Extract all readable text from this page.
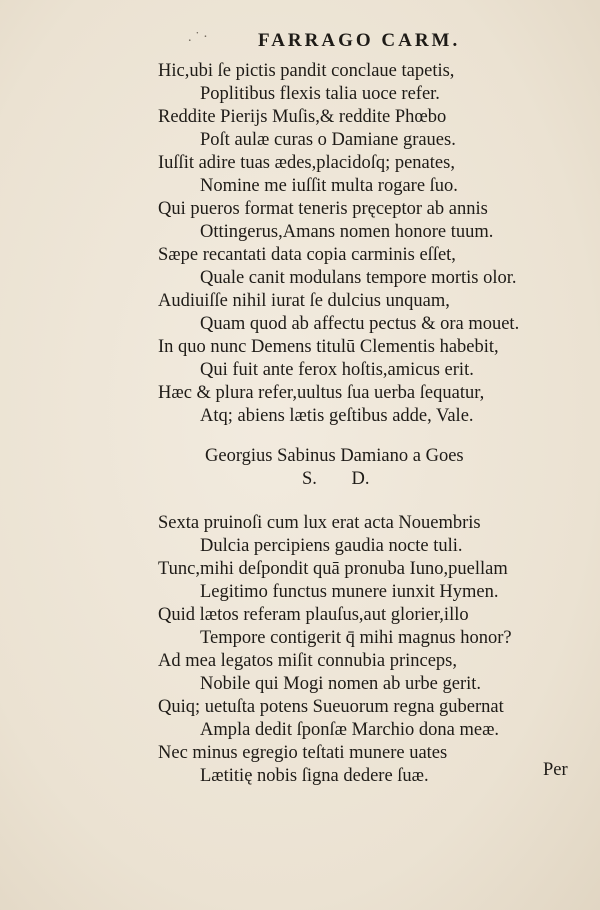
. ˙ ·	FARRAGO CARM.
Hic,ubi ſe pictis pandit conclaue tapetis,
Poplitibus flexis talia uoce refer.
Reddite Pierijs Muſis,& reddite Phœbo
Poſt aulæ curas o Damiane graues.
Iuſſit adire tuas ædes,placidoſq; penates,
Nomine me iuſſit multa rogare ſuo.
Qui pueros format teneris pręceptor ab annis
Ottingerus,Amans nomen honore tuum.
Sæpe recantati data copia carminis eſſet,
Quale canit modulans tempore mortis olor.
Audiuiſſe nihil iurat ſe dulcius unquam,
Quam quod ab affectu pectus & ora mouet.
In quo nunc Demens titulū Clementis habebit,
Qui fuit ante ferox hoſtis,amicus erit.
Hæc & plura refer,uultus ſua uerba ſequatur,
Atq; abiens lætis geſtibus adde, Vale.
Georgius Sabinus Damiano a Goes
S. D.
Sexta pruinoſi cum lux erat acta Nouembris
Dulcia percipiens gaudia nocte tuli.
Tunc,mihi deſpondit quā pronuba Iuno,puellam
Legitimo functus munere iunxit Hymen.
Quid lætos referam plauſus,aut glorier,illo
Tempore contigerit q̄ mihi magnus honor?
Ad mea legatos miſit connubia princeps,
Nobile qui Mogi nomen ab urbe gerit.
Quiq; uetuſta potens Sueuorum regna gubernat
Ampla dedit ſponſæ Marchio dona meæ.
Nec minus egregio teſtati munere uates
Lætitię nobis ſigna dedere ſuæ.	Per
